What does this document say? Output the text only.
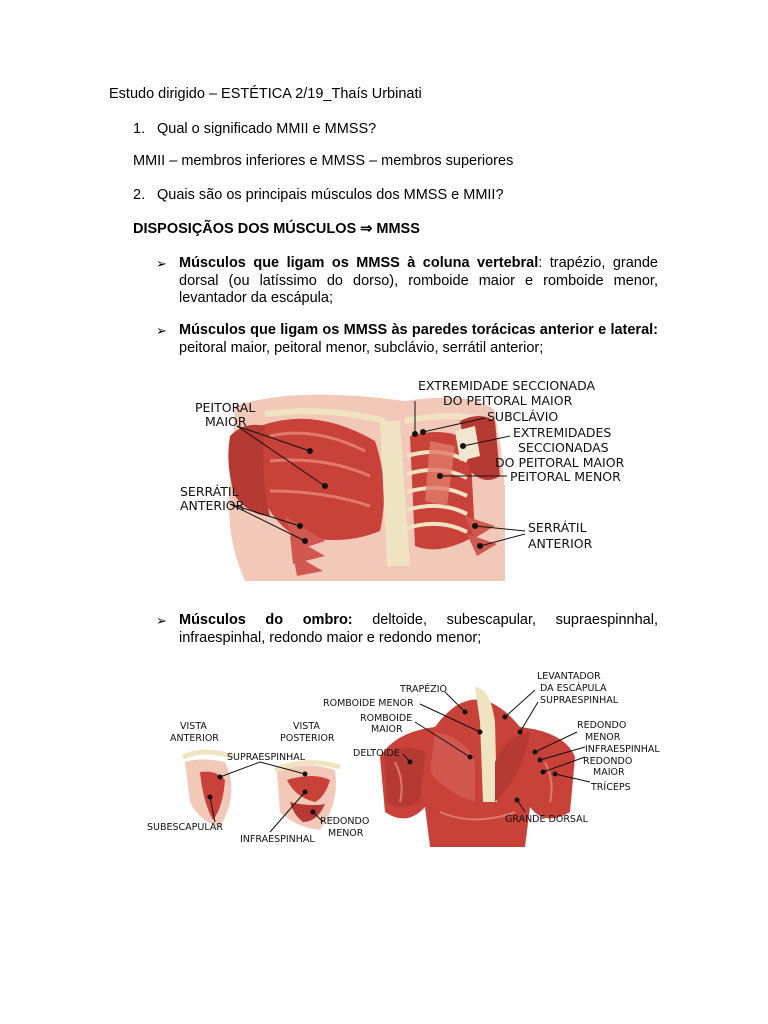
Estudo dirigido – ESTÉTICA 2/19_Thaís Urbinati
1. Qual o significado MMII e MMSS?
MMII – membros inferiores e MMSS – membros superiores
2. Quais são os principais músculos dos MMSS e MMII?
DISPOSIÇÃOS DOS MÚSCULOS ⇒ MMSS
➢ Músculos que ligam os MMSS à coluna vertebral: trapézio, grande dorsal (ou latíssimo do dorso), romboide maior e romboide menor, levantador da escápula;

➢ Músculos que ligam os MMSS às paredes torácicas anterior e lateral: peitoral maior, peitoral menor, subclávio, serrátil anterior;

PEITORAL
MAIOR
SERRÁTIL
ANTERIOR
EXTREMIDADE SECCIONADA
DO PEITORAL MAIOR
SUBCLÁVIO
EXTREMIDADES
SECCIONADAS
DO PEITORAL MAIOR
PEITORAL MENOR
SERRÁTIL
ANTERIOR
➢ Músculos do ombro: deltoide, subescapular, supraespinnhal, infraespinhal, redondo maior e redondo menor;

VISTA
ANTERIOR
VISTA
POSTERIOR
SUPRAESPINHAL
SUBESCAPULAR
INFRAESPINHAL
REDONDO
MENOR
TRAPÉZIO
ROMBOIDE MENOR
ROMBOIDE
MAIOR
DELTOIDE
LEVANTADOR
DA ESCÁPULA
SUPRAESPINHAL
REDONDO
MENOR
INFRAESPINHAL
REDONDO
MAIOR
TRÍCEPS
GRANDE DORSAL
